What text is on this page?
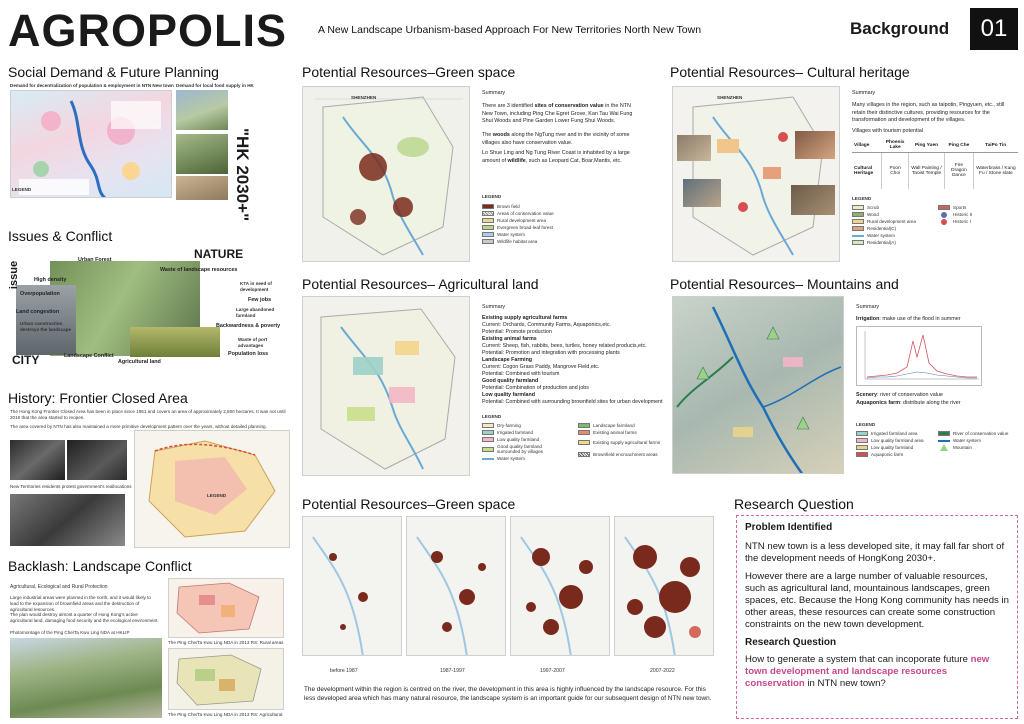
AGROPOLIS	A New Landscape Urbanism-based Approach For New Territories North New Town	Background 01
Social Demand & Future Planning
Demand for decentralization of population & employment in NTN New town Demand for local food supply in HK
LEGEND	"HK 2030+"
Issues & Conflict
NATURE
issue
CITY
Urban Forest
High density
Overpopulation
Land congestion
Urban construction destroys the landscape
Waste of landscape resources
KTA in need of development
Few jobs
Large abandoned farmland
Backwardness & poverty
Waste of port advantages
Population loss
Landscape Conflict
Agricultural land
History: Frontier Closed Area
The Hong Kong Frontier Closed Area has been in place since 1951 and covers an area of approximately 2,800 hectares. It was not until 2016 that the area started to reopen.
The area covered by NTN has also maintained a more primitive development pattern over the years, without detailed planning.
New Territories residents protest government's reallocations
LEGEND
Backlash: Landscape Conflict
Agricultural, Ecological and Rural Protection
Large industrial areas were planned in the north, and it would likely to lead to the expansion of brownfield areas and the destruction of agricultural resources.
The plan would destroy almost a quarter of Hong Kong's active agricultural land, damaging food security and the ecological environment.
Photomontage of the Ping Che/Ta Kwu Ling NDA at HKLIP
The Ping Che/Ta Kwu Ling NDA in 2013 RS: Rural areas
The Ping Che/Ta Kwu Ling NDA in 2013 RS: Agricultural
Potential Resources–Green space
SHENZHEN
Summary
There are 3 identified sites of conservation value in the NTN New Town, including Ping Che Egret Grove, Kan Tau Wai Fung Shui Woods and Pine Garden Lower Fung Shui Woods.
The woods along the NgTung river and in the vicinity of some villages also have conservation value.
Lo Shue Ling and Ng Tung River Coast is inhabited by a large amount of wildlife, such as Leopard Cat, Boar,Mantis, etc.
LEGEND
Brown field
Areas of conservation value
Rural development area
Evergreen broad-leaf forest
Water system
Wildlife habitat area
Potential Resources– Agricultural land
Summary
Existing supply agricultural farms
Current: Orchards, Community Farms, Aquaponics,etc.
Potential: Promote production
Existing animal farms
Current: Sheep, fish, rabbits, bees, turtles, honey related products,etc.
Potential: Promotion and integration with processing plants
Landscape Farming
Current: Cogon Grass Paddy, Mangrove Field,etc.
Potential: Combined with tourism
Good quality farmland
Potential: Combination of production and jobs
Low quality farmland
Potential: Combined with surrounding brownfield sites for urban development
LEGEND
Dry-farming
Irrigated farmland
Low quality farmland
Good quality farmland surrounded by villages
Water system
Landscape farmland
Existing animal farms
Existing supply agricultural farms
Brownfield encroachment areas
Potential Resources–Green space
before 1987	1987-1997	1997-2007	2007-2022
The development within the region is centred on the river, the development in this area is highly influenced by the landscape resource. For this less developed area which has many natural resource, the landscape system is an important guide for our subsequent design of NTN new town.
Potential Resources– Cultural heritage
SHENZHEN
Summary
Many villages in the region, such as taipotin, Pingyuen, etc., still retain their distinctive cultures, providing resources for the transformation and development of the villages.
Villages with tourism potential
Village	Phoenix Lake	Ping Yuen	Ping Che	TaiPo Tin
Cultural Heritage	Poon Choi	Wall Painting / Taoist Temple	Fire Dragon Dance	Waterbrass / Kung Fu / Stone slate
LEGEND
Scrub
Wood
Rural development area
Residential(C)
Water system
Residential(A)
Sports
Historic II
Historic I
Potential Resources– Mountains and
Summary
Irrigation: make use of the flood in summer
Scenery: river of conservation value
Aquaponics farm: distribute along the river
LEGEND
Irrigated farmland area
Low quality farmland area
Low quality farmland
Aquaponic farm
River of conservation value
Water system
Mountain
Research Question
Problem Identified
NTN new town is a less developed site, it may fall far short of the development needs of HongKong 2030+.
However there are a large number of valuable resources, such as agricultural land, mountainous landscapes, green spaces, etc. Because the Hong Kong community has needs in other areas, these resources can create some construction constraints on the new town development.
Research Question
How to generate a system that can incoporate future new town development and landscape resources conservation in NTN new town?
